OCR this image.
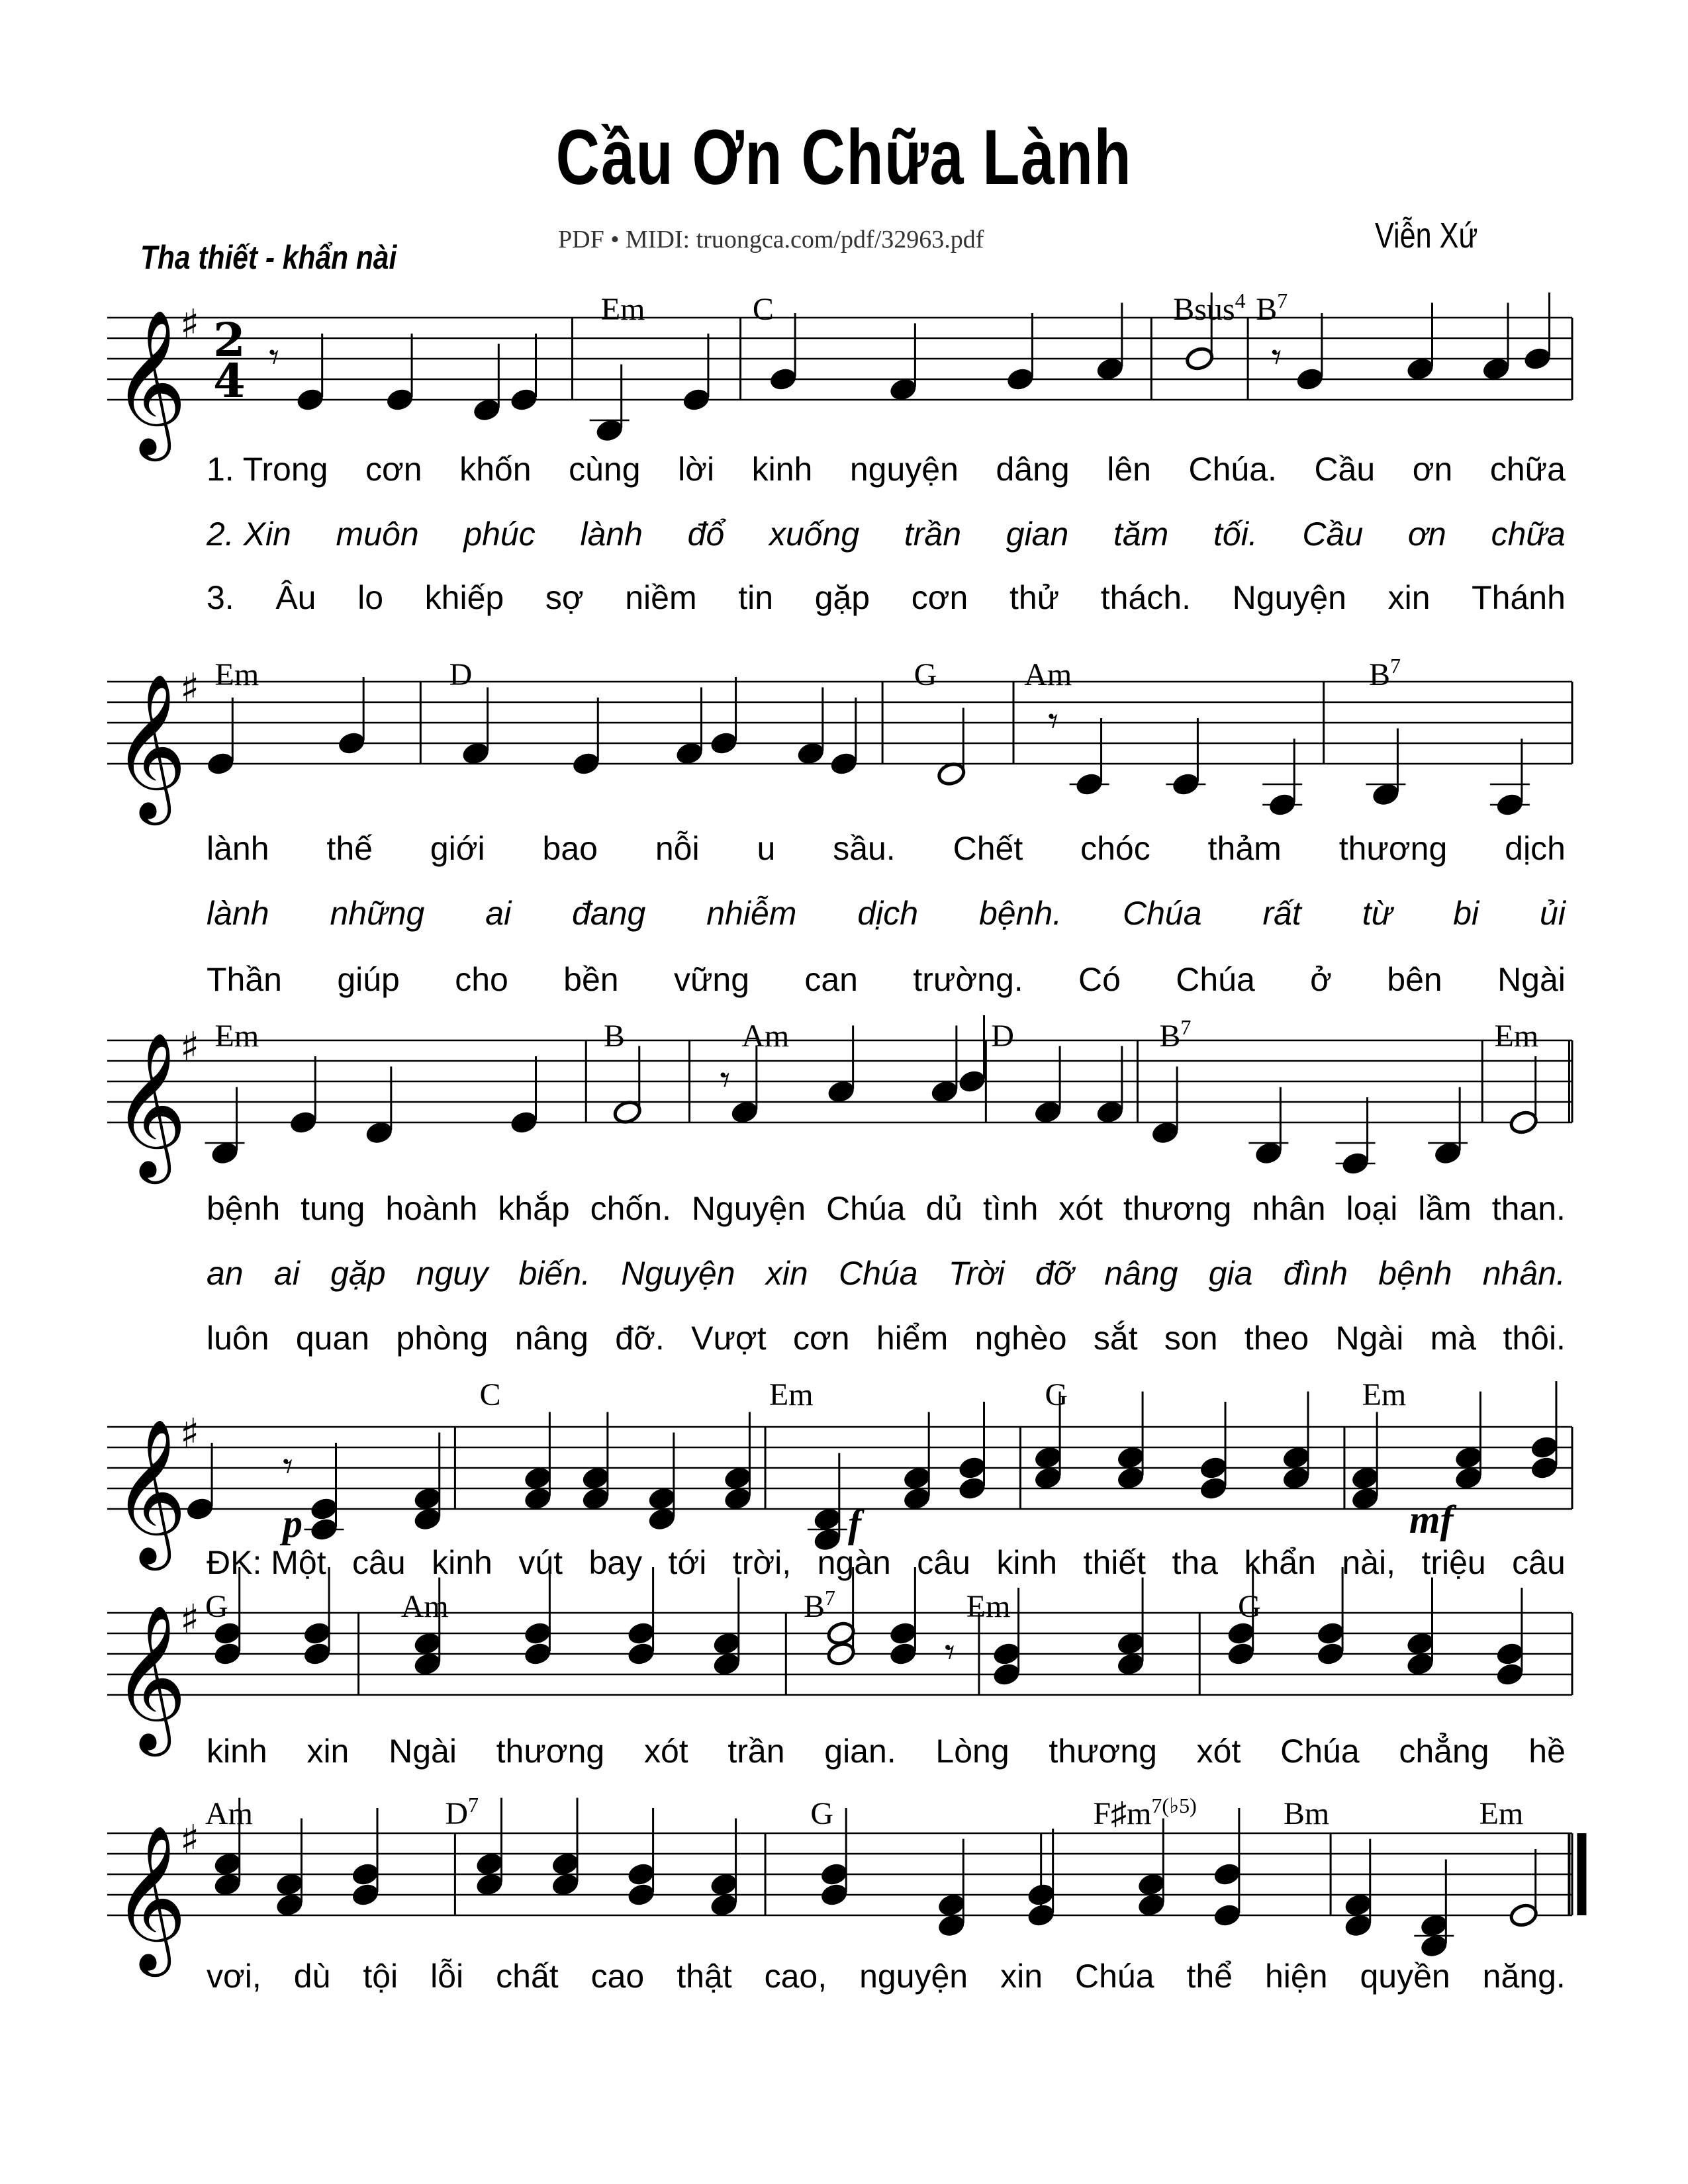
Cầu Ơn Chữa Lành
Tha thiết - khẩn nài	PDF • MIDI: truongca.com/pdf/32963.pdf	Viễn Xứ
𝄞
♯ 2
4 𝄾	𝄾
𝄞
♯
𝄾
𝄞
♯
𝄾
𝄞
♯
𝄾
𝄞
♯
𝄾
𝄞
♯
Em	C	Bsus$^4$ $B^7$
1. Trong cơn khốn cùng lời kinh nguyện dâng lên Chúa. Cầu ơn chữa
2. Xin muôn phúc lành đổ xuống trần gian tăm tối. Cầu ơn chữa
3. Âu lo khiếp sợ niềm tin gặp cơn thử thách. Nguyện xin Thánh
Em	D	G	Am	$B^7$
lành thế giới bao nỗi u sầu. Chết chóc thảm thương dịch
lành những ai đang nhiễm dịch bệnh. Chúa rất từ bi ủi
Thần giúp cho bền vững can trường. Có Chúa ở bên Ngài
Em	B	Am	D	$B^7$	Em
bệnh tung hoành khắp chốn. Nguyện Chúa dủ tình xót thương nhân loại lầm than.
an ai gặp nguy biến. Nguyện xin Chúa Trời đỡ nâng gia đình bệnh nhân.
luôn quan phòng nâng đỡ. Vượt cơn hiểm nghèo sắt son theo Ngài mà thôi.
C	Em	G	Em
ĐK: Một câu kinh vút bay tới trời, ngàn câu kinh thiết tha khẩn nài, triệu câu
G	Am	$B^7$	Em	G
kinh xin Ngài thương xót trần gian. Lòng thương xót Chúa chẳng hề
Am	$D^7$	G	$F♯m^{7(♭5)}$	Bm	Em
vơi, dù tội lỗi chất cao thật cao, nguyện xin Chúa thể hiện quyền năng.
p	f	mf
